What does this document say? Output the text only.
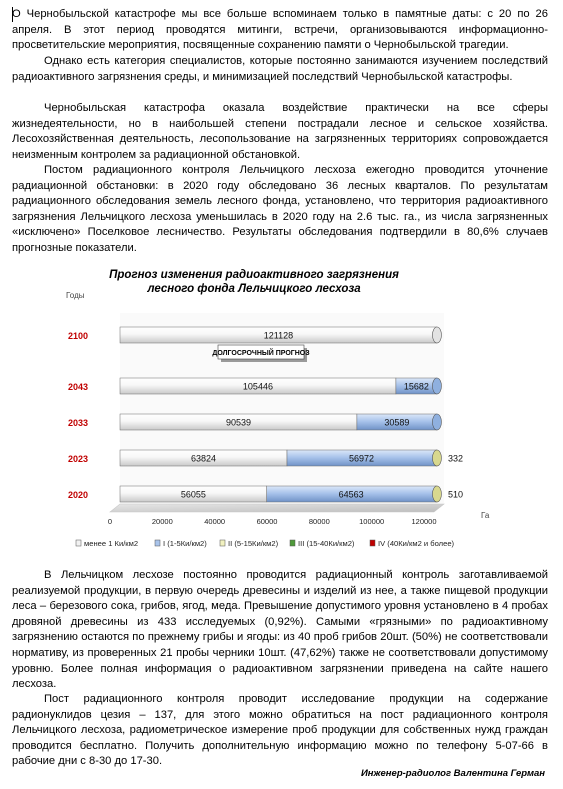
О Чернобыльской катастрофе мы все больше вспоминаем только в памятные даты: с 20 по 26 апреля. В этот период проводятся митинги, встречи, организовываются информационно-просветительские мероприятия, посвященные сохранению памяти о Чернобыльской трагедии.
Однако есть категория специалистов, которые постоянно занимаются изучением последствий радиоактивного загрязнения среды, и минимизацией последствий Чернобыльской катастрофы.
Чернобыльская катастрофа оказала воздействие практически на все сферы жизнедеятельности, но в наибольшей степени пострадали лесное и сельское хозяйства. Лесохозяйственная деятельность, лесопользование на загрязненных территориях сопровождается неизменным контролем за радиационной обстановкой.
Постом радиационного контроля Лельчицкого лесхоза ежегодно проводится уточнение радиационной обстановки: в 2020 году обследовано 36 лесных кварталов. По результатам радиационного обследования земель лесного фонда, установлено, что территория радиоактивного загрязнения Лельчицкого лесхоза уменьшилась в 2020 году на 2.6 тыс. га., из числа загрязненных «исключено» Поселковое лесничество. Результаты обследования подтвердили в 80,6% случаев прогнозные показатели.
Прогноз изменения радиоактивного загрязнения
лесного фонда Лельчицкого лесхоза
Годы
2100
2043
2033
2023
2020
0	20000	40000	60000	80000	100000	120000
121128
105446	15682
90539	30589
63824	56972	332
56055	64563	510
ДОЛГОСРОЧНЫЙ ПРОГНОЗ
Га
менее 1 Ки/км2	I (1-5Ки/км2)	II (5-15Ки/км2)	III (15-40Ки/км2)	IV (40Ки/км2 и более)
В Лельчицком лесхозе постоянно проводится радиационный контроль заготавливаемой реализуемой продукции, в первую очередь древесины и изделий из нее, а также пищевой продукции леса – березового сока, грибов, ягод, меда. Превышение допустимого уровня установлено в 4 пробах дровяной древесины из 433 исследуемых (0,92%). Самыми «грязными» по радиоактивному загрязнению остаются по прежнему грибы и ягоды: из 40 проб грибов 20шт. (50%) не соответствовали нормативу, из проверенных 21 пробы черники 10шт. (47,62%) также не соответствовали допустимому уровню. Более полная информация о радиоактивном загрязнении приведена на сайте нашего лесхоза.
Пост радиационного контроля проводит исследование продукции на содержание радионуклидов цезия – 137, для этого можно обратиться на пост радиационного контроля Лельчицкого лесхоза, радиометрическое измерение проб продукции для собственных нужд граждан проводится бесплатно. Получить дополнительную информацию можно по телефону 5-07-66 в рабочие дни с 8-30 до 17-30.
Инженер-радиолог Валентина Герман
